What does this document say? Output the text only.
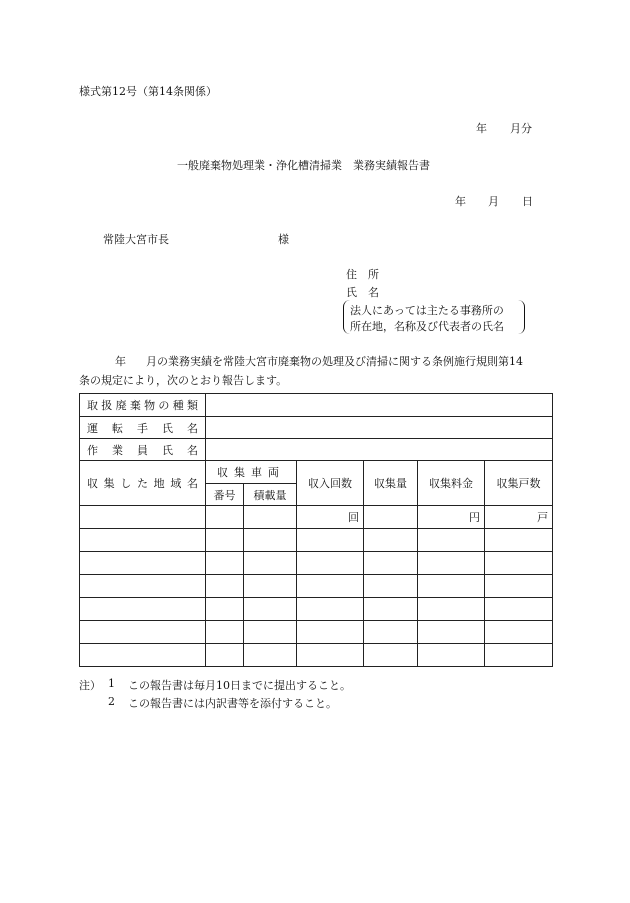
様式第12号（第14条関係）
年 月分
一般廃棄物処理業・浄化槽清掃業　業務実績報告書
年 月 日
常陸大宮市長	様
住　所
氏　名
法人にあっては主たる事務所の
所在地，名称及び代表者の氏名
年 月の業務実績を常陸大宮市廃棄物の処理及び清掃に関する条例施行規則第14
条の規定により，次のとおり報告します。
取扱廃棄物の種類						
運転手氏名						
作業員氏名						
収集した地域名	収集車両		収入回数	収集量	収集料金	収集戸数
	番号	積載量				
			回		円	戸

注） 1 この報告書は毎月10日までに提出すること。
2 この報告書には内訳書等を添付すること。
